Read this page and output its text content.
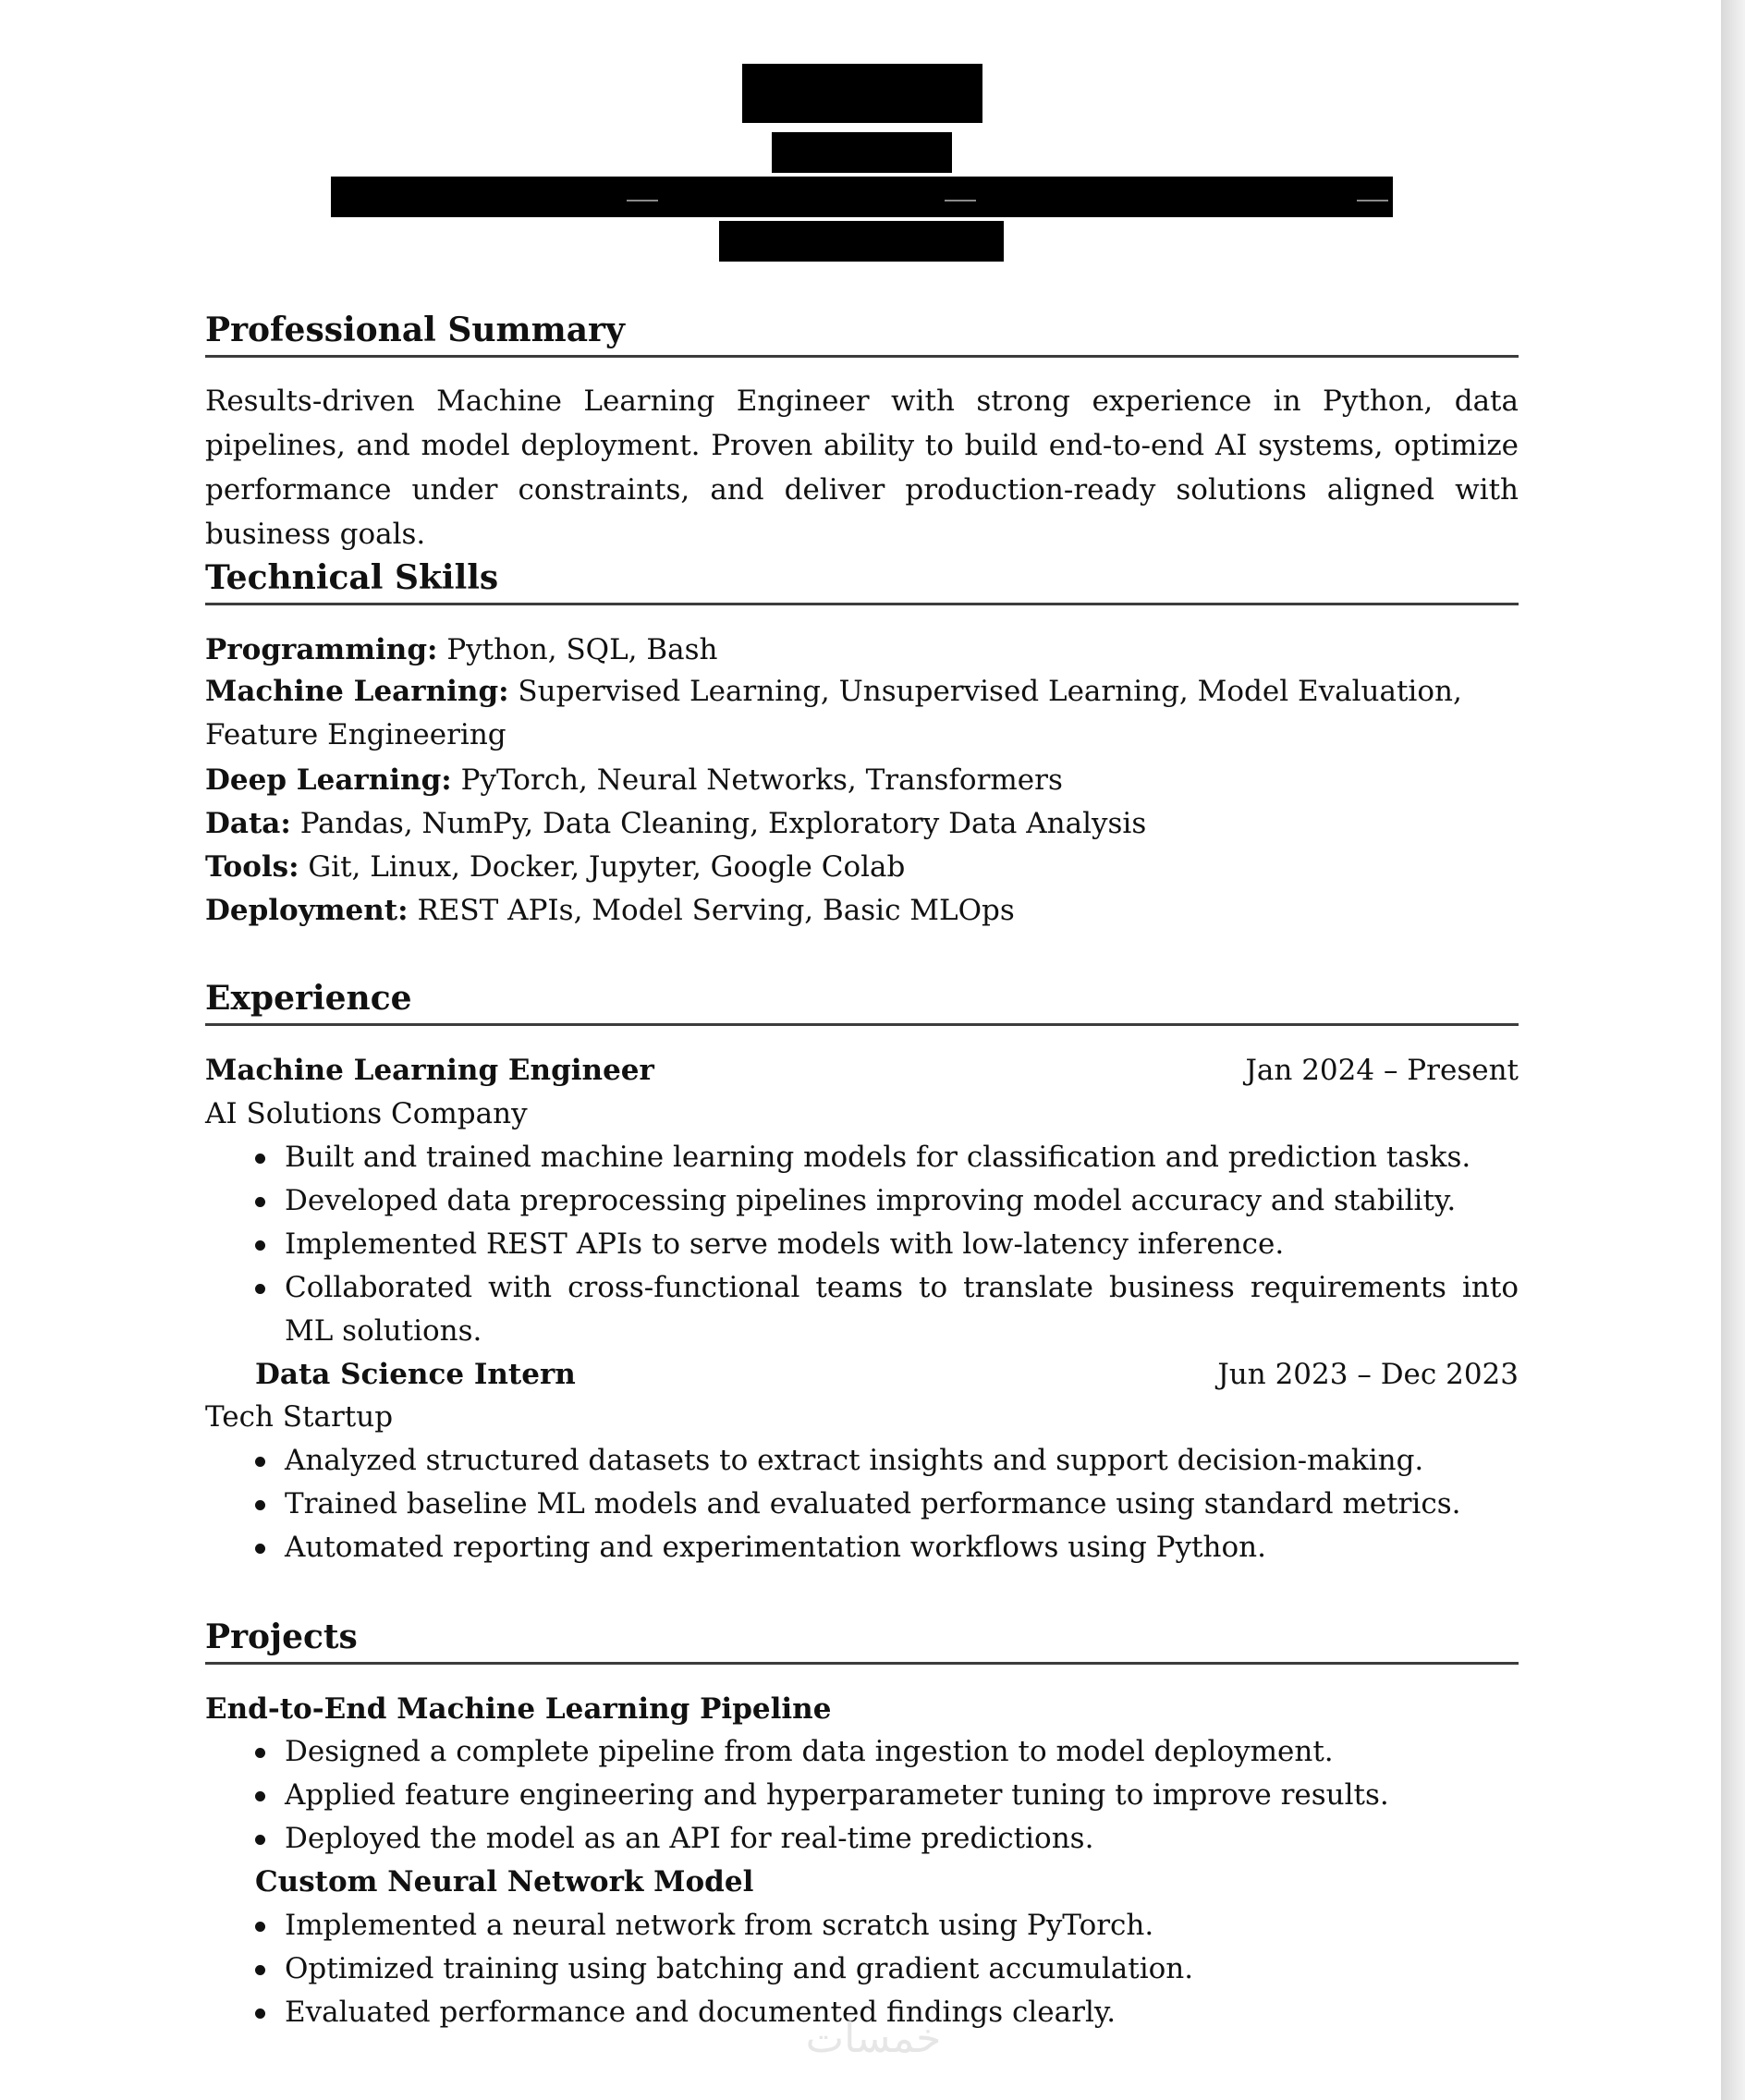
Professional Summary
Results-driven Machine Learning Engineer with strong experience in Python, data pipelines, and model deployment. Proven ability to build end-to-end AI systems, optimize performance under constraints, and deliver production-ready solutions aligned with business goals.
Technical Skills
Programming: Python, SQL, Bash
Machine Learning: Supervised Learning, Unsupervised Learning, Model Evaluation, Feature Engineering
Deep Learning: PyTorch, Neural Networks, Transformers
Data: Pandas, NumPy, Data Cleaning, Exploratory Data Analysis
Tools: Git, Linux, Docker, Jupyter, Google Colab
Deployment: REST APIs, Model Serving, Basic MLOps
Experience
Machine Learning Engineer	Jan 2024 – Present
AI Solutions Company
Built and trained machine learning models for classification and prediction tasks.
Developed data preprocessing pipelines improving model accuracy and stability.
Implemented REST APIs to serve models with low-latency inference.
Collaborated with cross-functional teams to translate business requirements into ML solutions.
Data Science Intern	Jun 2023 – Dec 2023
Tech Startup
Analyzed structured datasets to extract insights and support decision-making.
Trained baseline ML models and evaluated performance using standard metrics.
Automated reporting and experimentation workflows using Python.
Projects
End-to-End Machine Learning Pipeline
Designed a complete pipeline from data ingestion to model deployment.
Applied feature engineering and hyperparameter tuning to improve results.
Deployed the model as an API for real-time predictions.
Custom Neural Network Model
Implemented a neural network from scratch using PyTorch.
Optimized training using batching and gradient accumulation.
Evaluated performance and documented findings clearly.
خمسات
